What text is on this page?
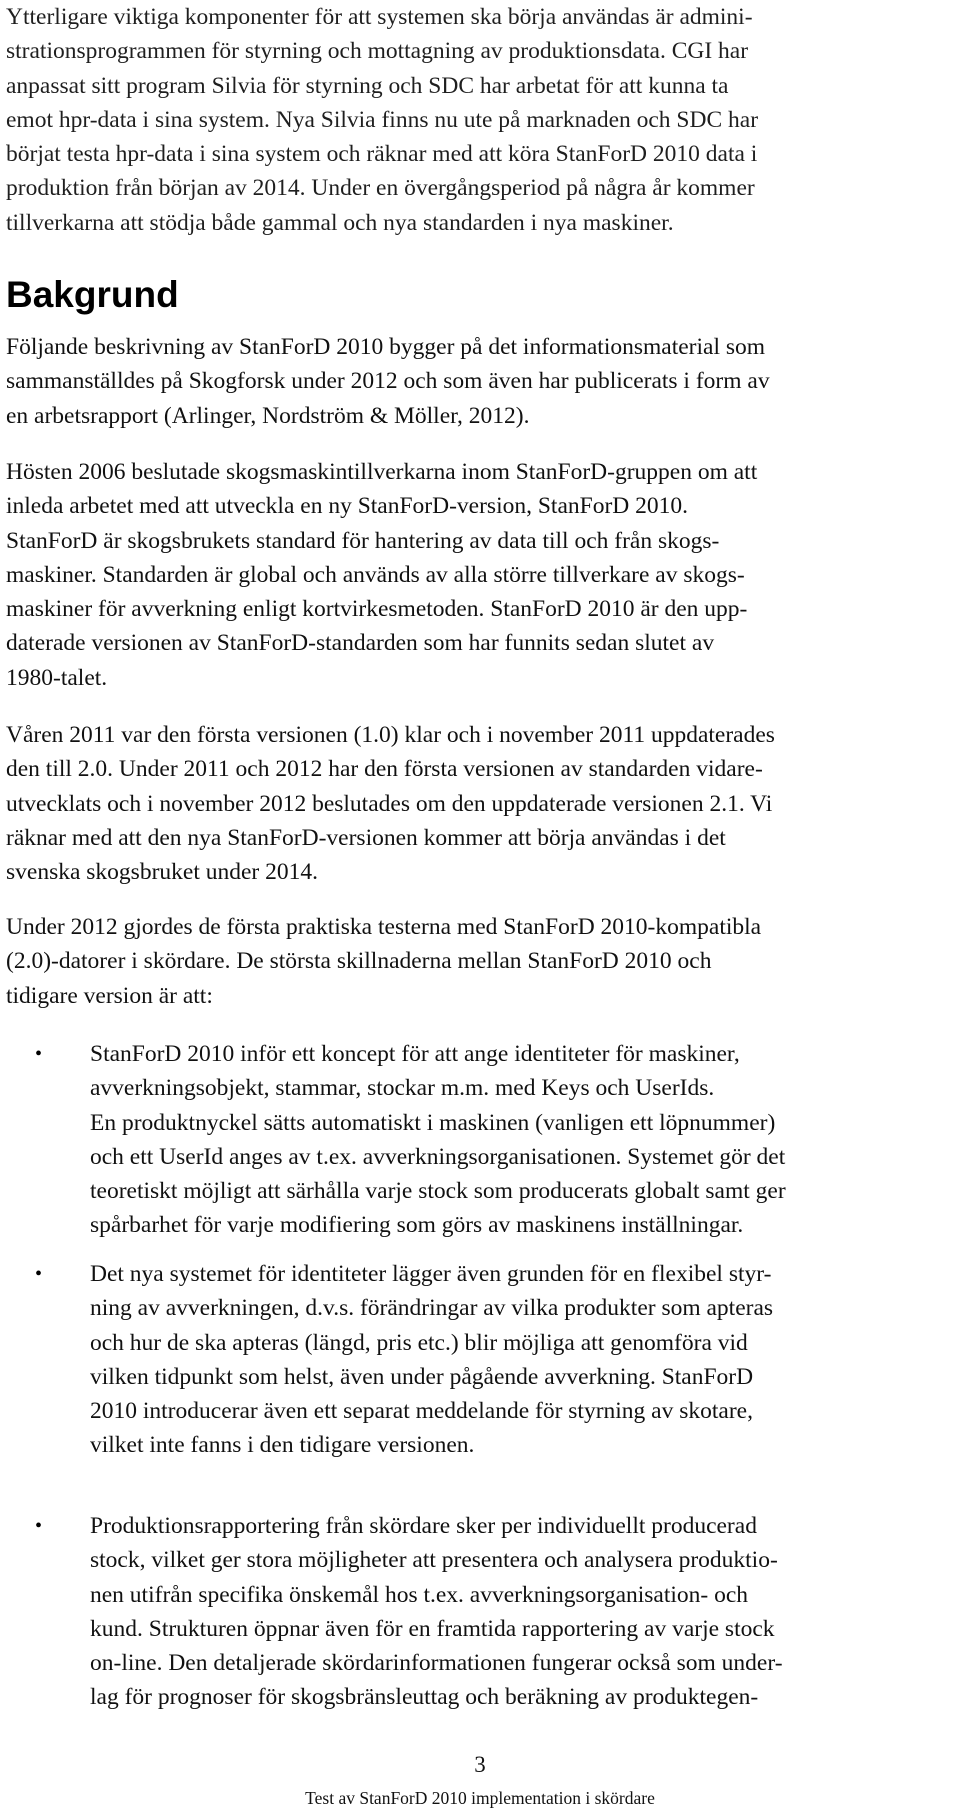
Ytterligare viktiga komponenter för att systemen ska börja användas är admini-
strationsprogrammen för styrning och mottagning av produktionsdata. CGI har
anpassat sitt program Silvia för styrning och SDC har arbetat för att kunna ta
emot hpr-data i sina system. Nya Silvia finns nu ute på marknaden och SDC har
börjat testa hpr-data i sina system och räknar med att köra StanForD 2010 data i
produktion från början av 2014. Under en övergångsperiod på några år kommer
tillverkarna att stödja både gammal och nya standarden i nya maskiner.
Bakgrund
Följande beskrivning av StanForD 2010 bygger på det informationsmaterial som
sammanställdes på Skogforsk under 2012 och som även har publicerats i form av
en arbetsrapport (Arlinger, Nordström & Möller, 2012).
Hösten 2006 beslutade skogsmaskintillverkarna inom StanForD-gruppen om att
inleda arbetet med att utveckla en ny StanForD-version, StanForD 2010.
StanForD är skogsbrukets standard för hantering av data till och från skogs-
maskiner. Standarden är global och används av alla större tillverkare av skogs-
maskiner för avverkning enligt kortvirkesmetoden. StanForD 2010 är den upp-
daterade versionen av StanForD-standarden som har funnits sedan slutet av
1980-talet.
Våren 2011 var den första versionen (1.0) klar och i november 2011 uppdaterades
den till 2.0. Under 2011 och 2012 har den första versionen av standarden vidare-
utvecklats och i november 2012 beslutades om den uppdaterade versionen 2.1. Vi
räknar med att den nya StanForD-versionen kommer att börja användas i det
svenska skogsbruket under 2014.
Under 2012 gjordes de första praktiska testerna med StanForD 2010-kompatibla
(2.0)-datorer i skördare. De största skillnaderna mellan StanForD 2010 och
tidigare version är att:
• StanForD 2010 inför ett koncept för att ange identiteter för maskiner,
avverkningsobjekt, stammar, stockar m.m. med Keys och UserIds.
En produktnyckel sätts automatiskt i maskinen (vanligen ett löpnummer)
och ett UserId anges av t.ex. avverkningsorganisationen. Systemet gör det
teoretiskt möjligt att särhålla varje stock som producerats globalt samt ger
spårbarhet för varje modifiering som görs av maskinens inställningar.
• Det nya systemet för identiteter lägger även grunden för en flexibel styr-
ning av avverkningen, d.v.s. förändringar av vilka produkter som apteras
och hur de ska apteras (längd, pris etc.) blir möjliga att genomföra vid
vilken tidpunkt som helst, även under pågående avverkning. StanForD
2010 introducerar även ett separat meddelande för styrning av skotare,
vilket inte fanns i den tidigare versionen.
• Produktionsrapportering från skördare sker per individuellt producerad
stock, vilket ger stora möjligheter att presentera och analysera produktio-
nen utifrån specifika önskemål hos t.ex. avverkningsorganisation- och
kund. Strukturen öppnar även för en framtida rapportering av varje stock
on-line. Den detaljerade skördarinformationen fungerar också som under-
lag för prognoser för skogsbränsleuttag och beräkning av produktegen-
3
Test av StanForD 2010 implementation i skördare
